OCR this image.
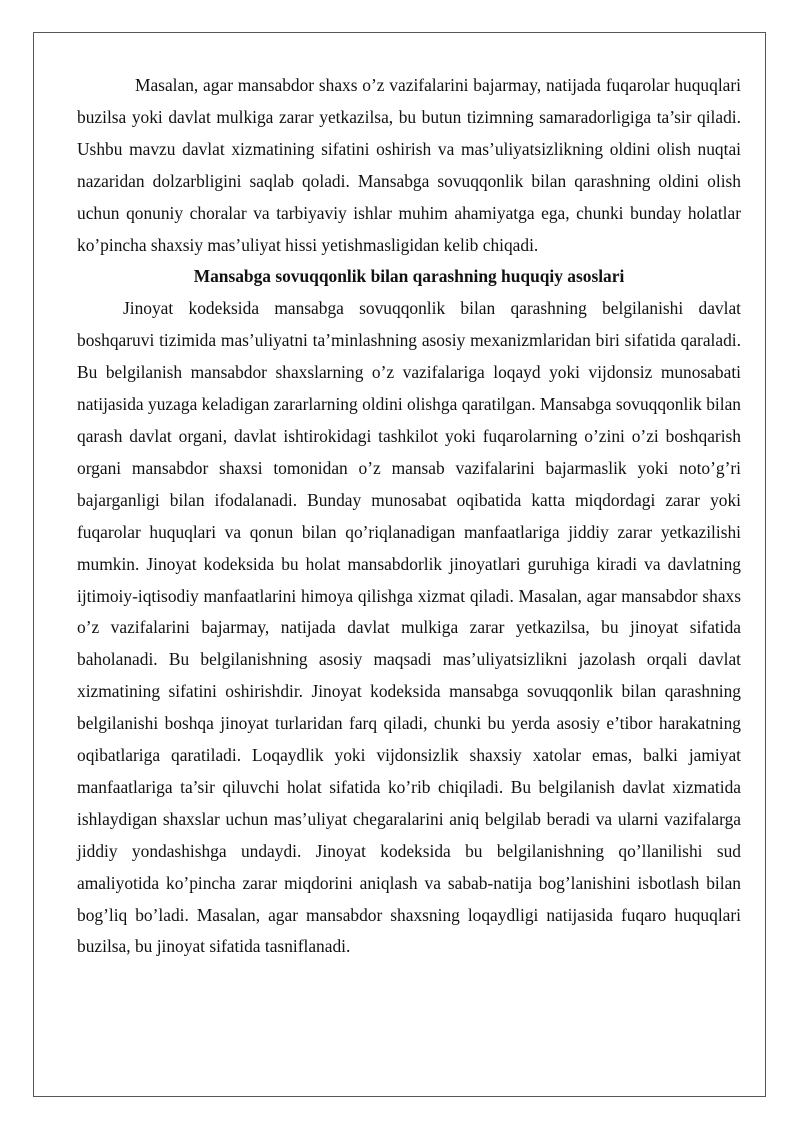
Masalan, agar mansabdor shaxs o’z vazifalarini bajarmay, natijada fuqarolar huquqlari buzilsa yoki davlat mulkiga zarar yetkazilsa, bu butun tizimning samaradorligiga ta’sir qiladi. Ushbu mavzu davlat xizmatining sifatini oshirish va mas’uliyatsizlikning oldini olish nuqtai nazaridan dolzarbligini saqlab qoladi. Mansabga sovuqqonlik bilan qarashning oldini olish uchun qonuniy choralar va tarbiyaviy ishlar muhim ahamiyatga ega, chunki bunday holatlar ko’pincha shaxsiy mas’uliyat hissi yetishmasligidan kelib chiqadi.

Mansabga sovuqqonlik bilan qarashning huquqiy asoslari

Jinoyat kodeksida mansabga sovuqqonlik bilan qarashning belgilanishi davlat boshqaruvi tizimida mas’uliyatni ta’minlashning asosiy mexanizmlaridan biri sifatida qaraladi. Bu belgilanish mansabdor shaxslarning o’z vazifalariga loqayd yoki vijdonsiz munosabati natijasida yuzaga keladigan zararlarning oldini olishga qaratilgan. Mansabga sovuqqonlik bilan qarash davlat organi, davlat ishtirokidagi tashkilot yoki fuqarolarning o’zini o’zi boshqarish organi mansabdor shaxsi tomonidan o’z mansab vazifalarini bajarmaslik yoki noto’g’ri bajarganligi bilan ifodalanadi. Bunday munosabat oqibatida katta miqdordagi zarar yoki fuqarolar huquqlari va qonun bilan qo’riqlanadigan manfaatlariga jiddiy zarar yetkazilishi mumkin. Jinoyat kodeksida bu holat mansabdorlik jinoyatlari guruhiga kiradi va davlatning ijtimoiy-iqtisodiy manfaatlarini himoya qilishga xizmat qiladi. Masalan, agar mansabdor shaxs o’z vazifalarini bajarmay, natijada davlat mulkiga zarar yetkazilsa, bu jinoyat sifatida baholanadi. Bu belgilanishning asosiy maqsadi mas’uliyatsizlikni jazolash orqali davlat xizmatining sifatini oshirishdir. Jinoyat kodeksida mansabga sovuqqonlik bilan qarashning belgilanishi boshqa jinoyat turlaridan farq qiladi, chunki bu yerda asosiy e’tibor harakatning oqibatlariga qaratiladi. Loqaydlik yoki vijdonsizlik shaxsiy xatolar emas, balki jamiyat manfaatlariga ta’sir qiluvchi holat sifatida ko’rib chiqiladi. Bu belgilanish davlat xizmatida ishlaydigan shaxslar uchun mas’uliyat chegaralarini aniq belgilab beradi va ularni vazifalarga jiddiy yondashishga undaydi. Jinoyat kodeksida bu belgilanishning qo’llanilishi sud amaliyotida ko’pincha zarar miqdorini aniqlash va sabab-natija bog’lanishini isbotlash bilan bog’liq bo’ladi. Masalan, agar mansabdor shaxsning loqaydligi natijasida fuqaro huquqlari buzilsa, bu jinoyat sifatida tasniflanadi.
